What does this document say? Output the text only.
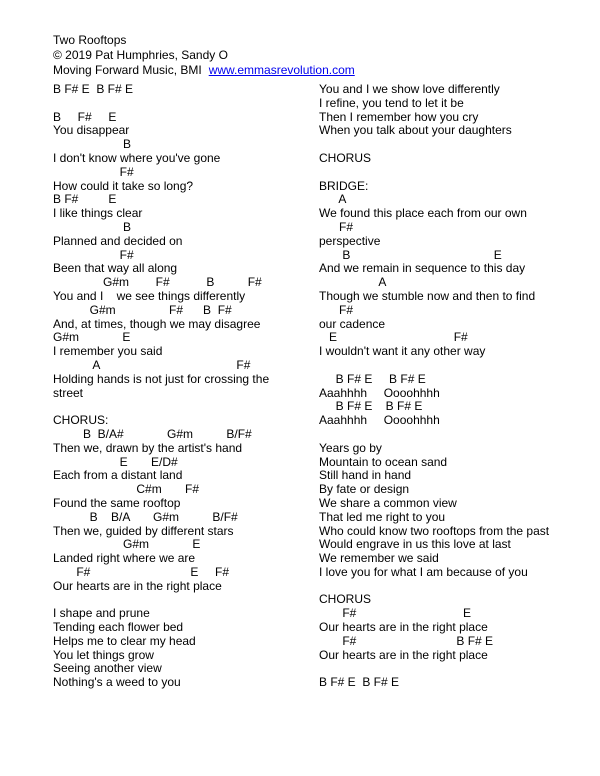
Two Rooftops
© 2019 Pat Humphries, Sandy O
Moving Forward Music, BMI www.emmasrevolution.com
B F# E  B F# E

B     F#     E
You disappear
B
I don't know where you've gone
F#
How could it take so long?
B F#         E
I like things clear
B
Planned and decided on
F#
Been that way all along
G#m        F#           B          F#
You and I    we see things differently
G#m                F#      B  F#
And, at times, though we may disagree
G#m             E
I remember you said
A                                         F#
Holding hands is not just for crossing the
street

CHORUS:
B  B/A#             G#m          B/F#
Then we, drawn by the artist's hand
E       E/D#
Each from a distant land
C#m       F#
Found the same rooftop
B    B/A       G#m          B/F#
Then we, guided by different stars
G#m             E
Landed right where we are
F#                              E     F#
Our hearts are in the right place

I shape and prune
Tending each flower bed
Helps me to clear my head
You let things grow
Seeing another view
Nothing's a weed to you
You and I we show love differently
I refine, you tend to let it be
Then I remember how you cry
When you talk about your daughters

CHORUS

BRIDGE:
A
We found this place each from our own
F#
perspective
B                                           E
And we remain in sequence to this day
A
Though we stumble now and then to find
F#
our cadence
E                                   F#
I wouldn't want it any other way

B F# E     B F# E
Aaahhhh     Oooohhhh
B F# E    B F# E
Aaahhhh     Oooohhhh

Years go by
Mountain to ocean sand
Still hand in hand
By fate or design
We share a common view
That led me right to you
Who could know two rooftops from the past
Would engrave in us this love at last
We remember we said
I love you for what I am because of you

CHORUS
F#                                E
Our hearts are in the right place
F#                              B F# E
Our hearts are in the right place

B F# E  B F# E
